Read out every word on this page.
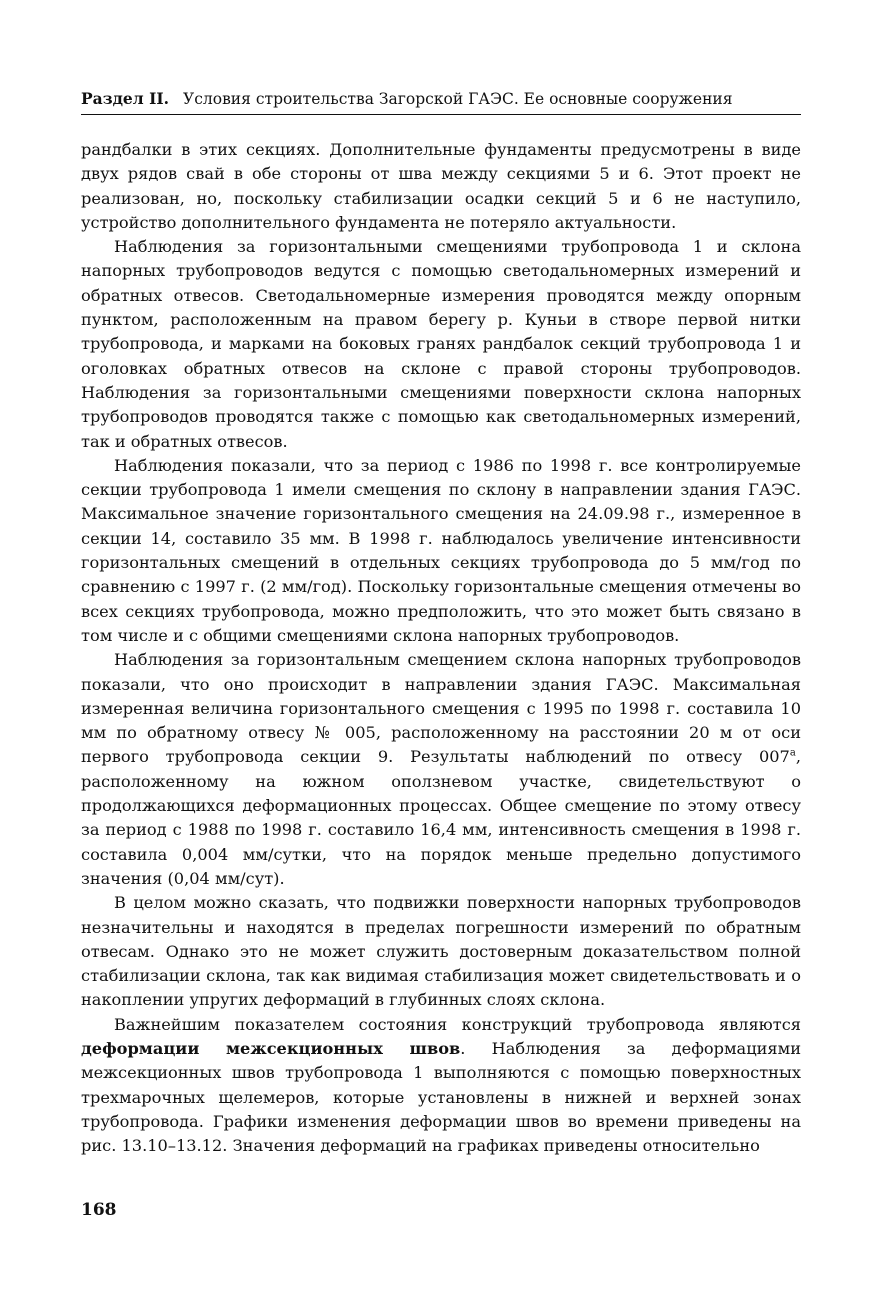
Раздел II. Условия строительства Загорской ГАЭС. Ее основные сооружения

рандбалки в этих секциях. Дополнительные фундаменты предусмотрены в виде двух рядов свай в обе стороны от шва между секциями 5 и 6. Этот проект не реализован, но, поскольку стабилизации осадки секций 5 и 6 не наступило, устройство дополнительного фундамента не потеряло актуальности.

Наблюдения за горизонтальными смещениями трубопровода 1 и склона напорных трубопроводов ведутся с помощью светодальномерных измерений и обратных отвесов. Светодальномерные измерения проводятся между опорным пунктом, расположенным на правом берегу р. Куньи в створе первой нитки трубопровода, и марками на боковых гранях рандбалок секций трубопровода 1 и оголовках обратных отвесов на склоне с правой стороны трубопроводов. Наблюдения за горизонтальными смещениями поверхности склона напорных трубопроводов проводятся также с помощью как светодальномерных измерений, так и обратных отвесов.

Наблюдения показали, что за период с 1986 по 1998 г. все контролируемые секции трубопровода 1 имели смещения по склону в направлении здания ГАЭС. Максимальное значение горизонтального смещения на 24.09.98 г., измеренное в секции 14, составило 35 мм. В 1998 г. наблюдалось увеличение интенсивности горизонтальных смещений в отдельных секциях трубопровода до 5 мм/год по сравнению с 1997 г. (2 мм/год). Поскольку горизонтальные смещения отмечены во всех секциях трубопровода, можно предположить, что это может быть связано в том числе и с общими смещениями склона напорных трубопроводов.

Наблюдения за горизонтальным смещением склона напорных трубопроводов показали, что оно происходит в направлении здания ГАЭС. Максимальная измеренная величина горизонтального смещения с 1995 по 1998 г. составила 10 мм по обратному отвесу № 005, расположенному на расстоянии 20 м от оси первого трубопровода секции 9. Результаты наблюдений по отвесу $007^а$, расположенному на южном оползневом участке, свидетельствуют о продолжающихся деформационных процессах. Общее смещение по этому отвесу за период с 1988 по 1998 г. составило 16,4 мм, интенсивность смещения в 1998 г. составила 0,004 мм/сутки, что на порядок меньше предельно допустимого значения (0,04 мм/сут).

В целом можно сказать, что подвижки поверхности напорных трубопроводов незначительны и находятся в пределах погрешности измерений по обратным отвесам. Однако это не может служить достоверным доказательством полной стабилизации склона, так как видимая стабилизация может свидетельствовать и о накоплении упругих деформаций в глубинных слоях склона.

Важнейшим показателем состояния конструкций трубопровода являются деформации межсекционных швов. Наблюдения за деформациями межсекционных швов трубопровода 1 выполняются с помощью поверхностных трехмарочных щелемеров, которые установлены в нижней и верхней зонах трубопровода. Графики изменения деформации швов во времени приведены на рис. 13.10–13.12. Значения деформаций на графиках приведены относительно

168
